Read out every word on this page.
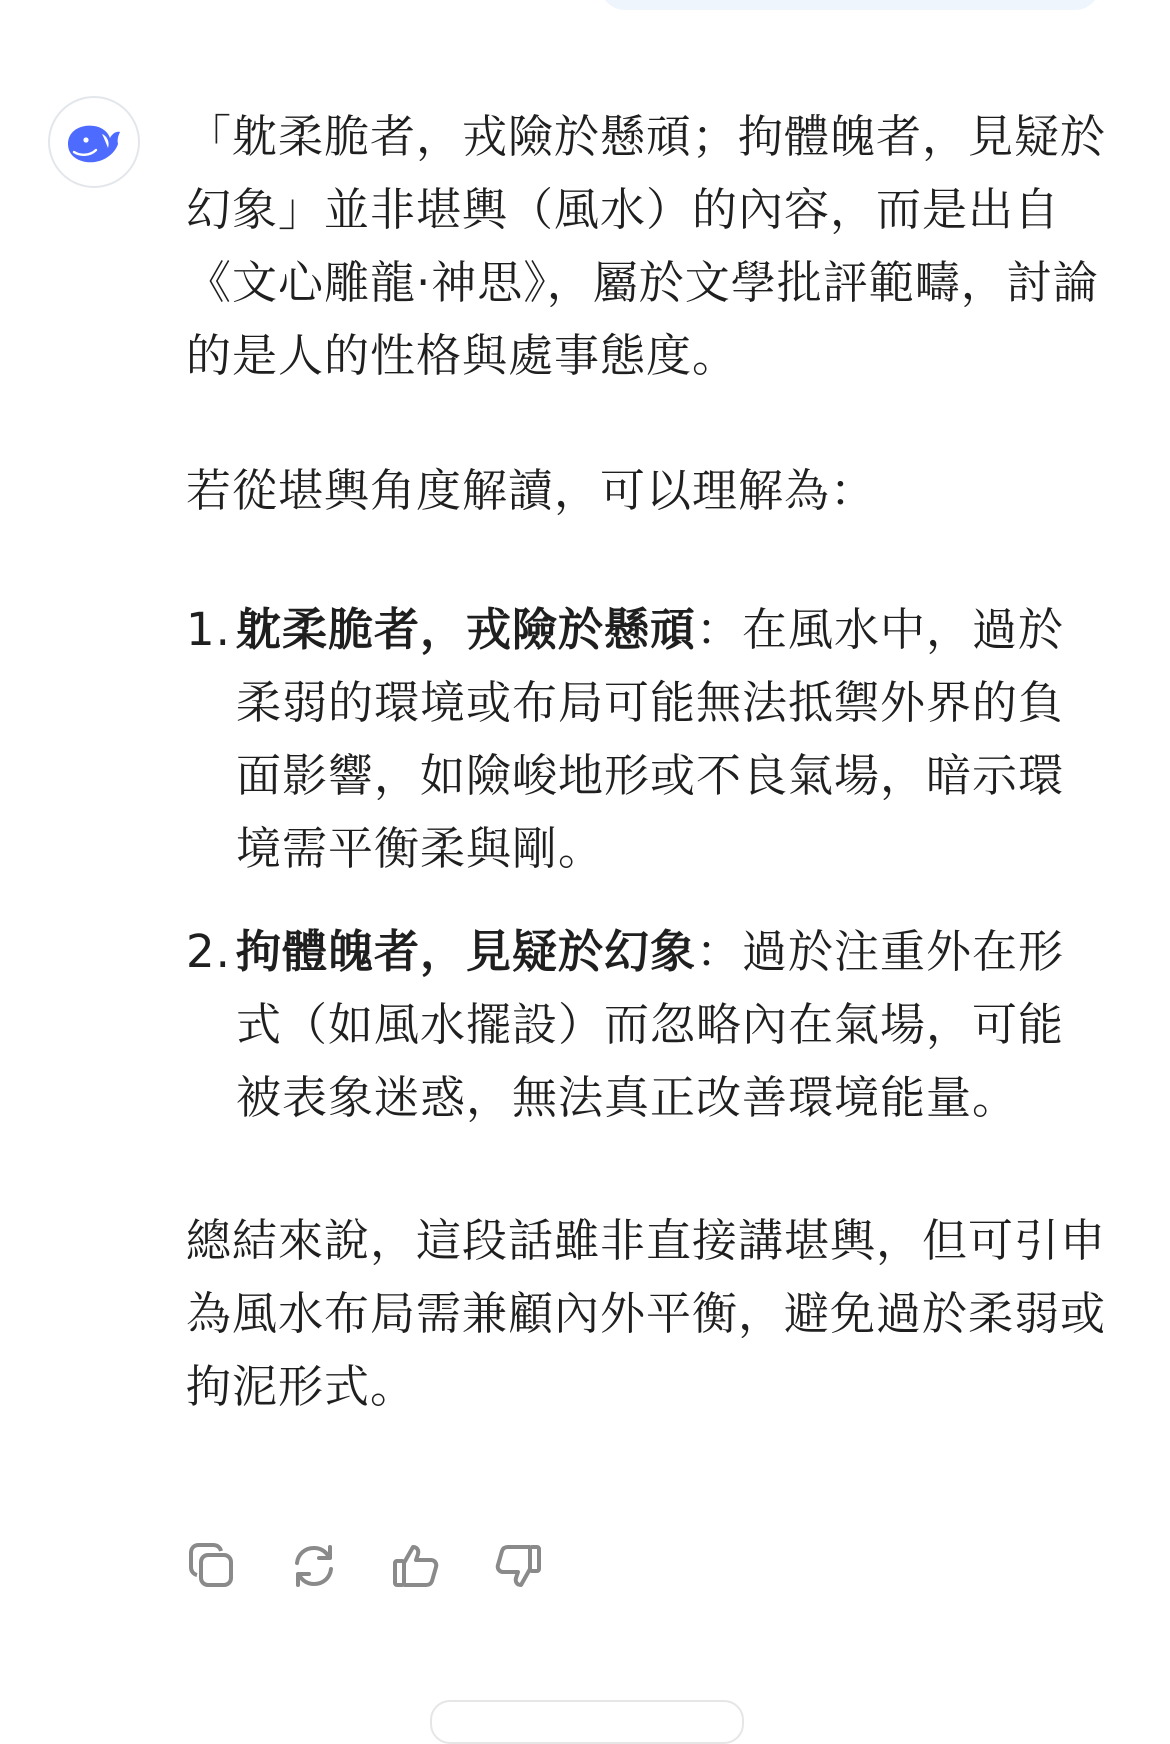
「躭柔脆者，戎險於懸頑；拘體魄者，見疑於幻象」並非堪輿（風水）的內容，而是出自《文心雕龍·神思》，屬於文學批評範疇，討論的是人的性格與處事態度。

若從堪輿角度解讀，可以理解為：

1. 躭柔脆者，戎險於懸頑：在風水中，過於柔弱的環境或布局可能無法抵禦外界的負面影響，如險峻地形或不良氣場，暗示環境需平衡柔與剛。
2. 拘體魄者，見疑於幻象：過於注重外在形式（如風水擺設）而忽略內在氣場，可能被表象迷惑，無法真正改善環境能量。

總結來說，這段話雖非直接講堪輿，但可引申為風水布局需兼顧內外平衡，避免過於柔弱或拘泥形式。
